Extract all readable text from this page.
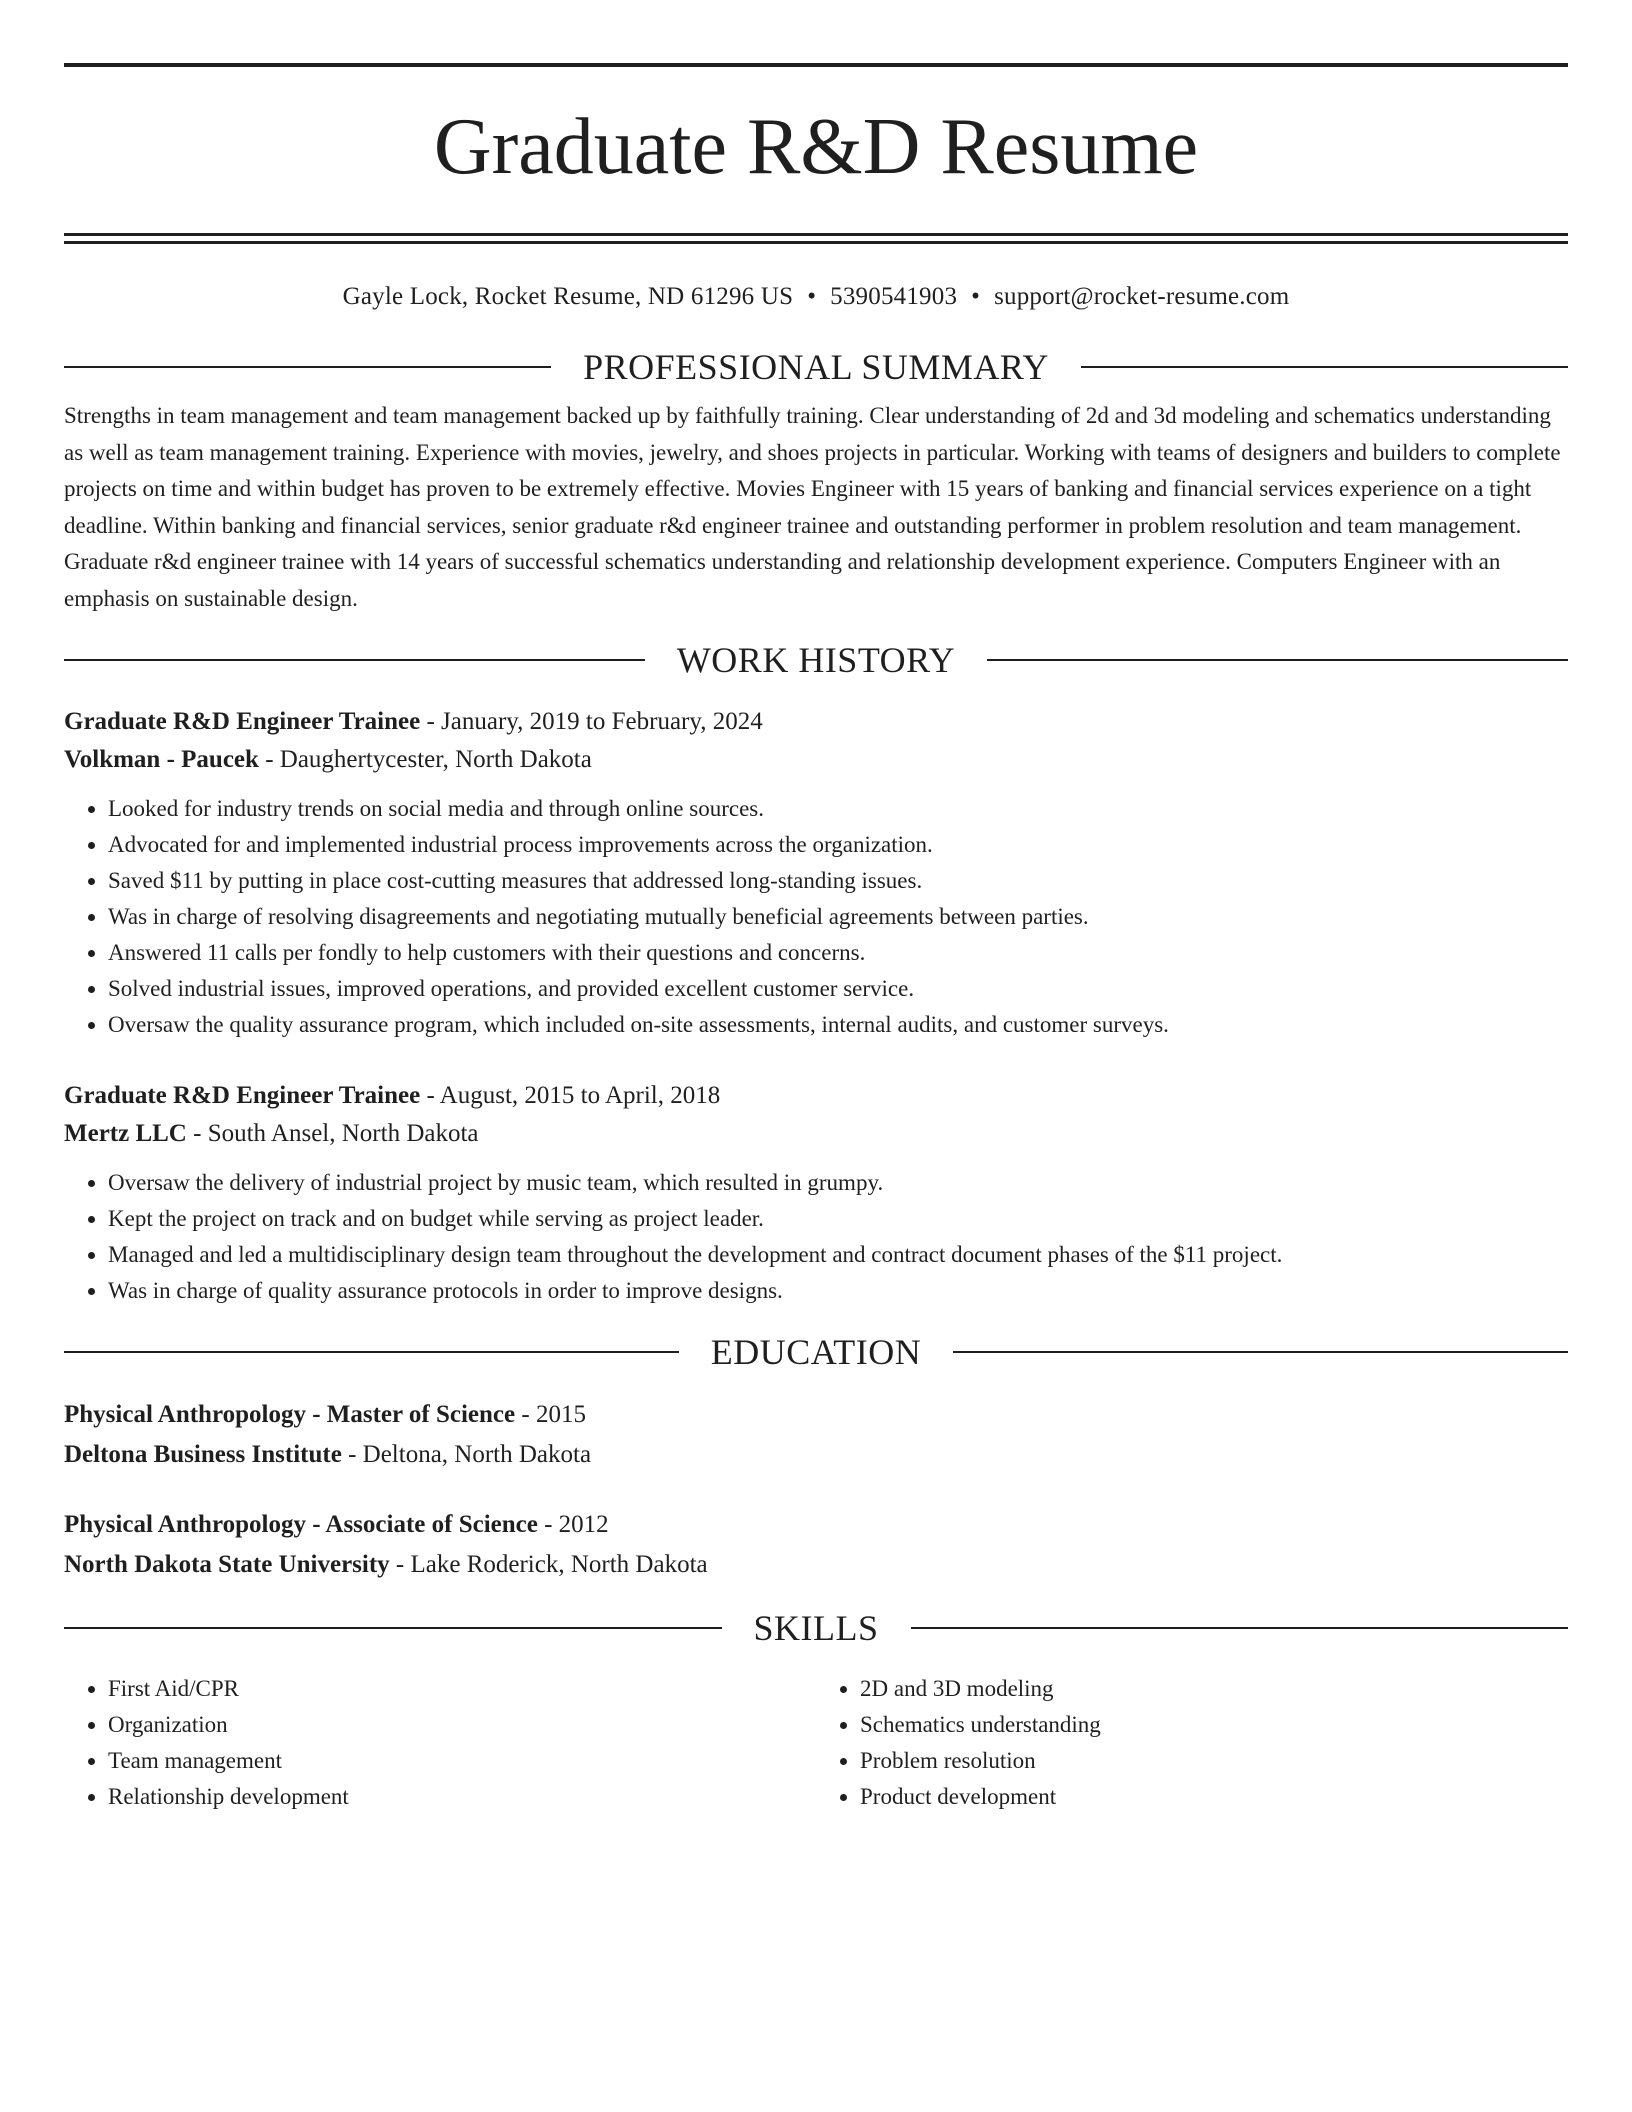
Graduate R&D Resume
Gayle Lock, Rocket Resume, ND 61296 US • 5390541903 • support@rocket-resume.com
PROFESSIONAL SUMMARY
Strengths in team management and team management backed up by faithfully training. Clear understanding of 2d and 3d modeling and schematics understanding as well as team management training. Experience with movies, jewelry, and shoes projects in particular. Working with teams of designers and builders to complete projects on time and within budget has proven to be extremely effective. Movies Engineer with 15 years of banking and financial services experience on a tight deadline. Within banking and financial services, senior graduate r&d engineer trainee and outstanding performer in problem resolution and team management. Graduate r&d engineer trainee with 14 years of successful schematics understanding and relationship development experience. Computers Engineer with an emphasis on sustainable design.
WORK HISTORY
Graduate R&D Engineer Trainee - January, 2019 to February, 2024
Volkman - Paucek - Daughertycester, North Dakota
• Looked for industry trends on social media and through online sources.
• Advocated for and implemented industrial process improvements across the organization.
• Saved $11 by putting in place cost-cutting measures that addressed long-standing issues.
• Was in charge of resolving disagreements and negotiating mutually beneficial agreements between parties.
• Answered 11 calls per fondly to help customers with their questions and concerns.
• Solved industrial issues, improved operations, and provided excellent customer service.
• Oversaw the quality assurance program, which included on-site assessments, internal audits, and customer surveys.
Graduate R&D Engineer Trainee - August, 2015 to April, 2018
Mertz LLC - South Ansel, North Dakota
• Oversaw the delivery of industrial project by music team, which resulted in grumpy.
• Kept the project on track and on budget while serving as project leader.
• Managed and led a multidisciplinary design team throughout the development and contract document phases of the $11 project.
• Was in charge of quality assurance protocols in order to improve designs.
EDUCATION
Physical Anthropology - Master of Science - 2015
Deltona Business Institute - Deltona, North Dakota
Physical Anthropology - Associate of Science - 2012
North Dakota State University - Lake Roderick, North Dakota
SKILLS
• First Aid/CPR
• Organization
• Team management
• Relationship development
• 2D and 3D modeling
• Schematics understanding
• Problem resolution
• Product development
